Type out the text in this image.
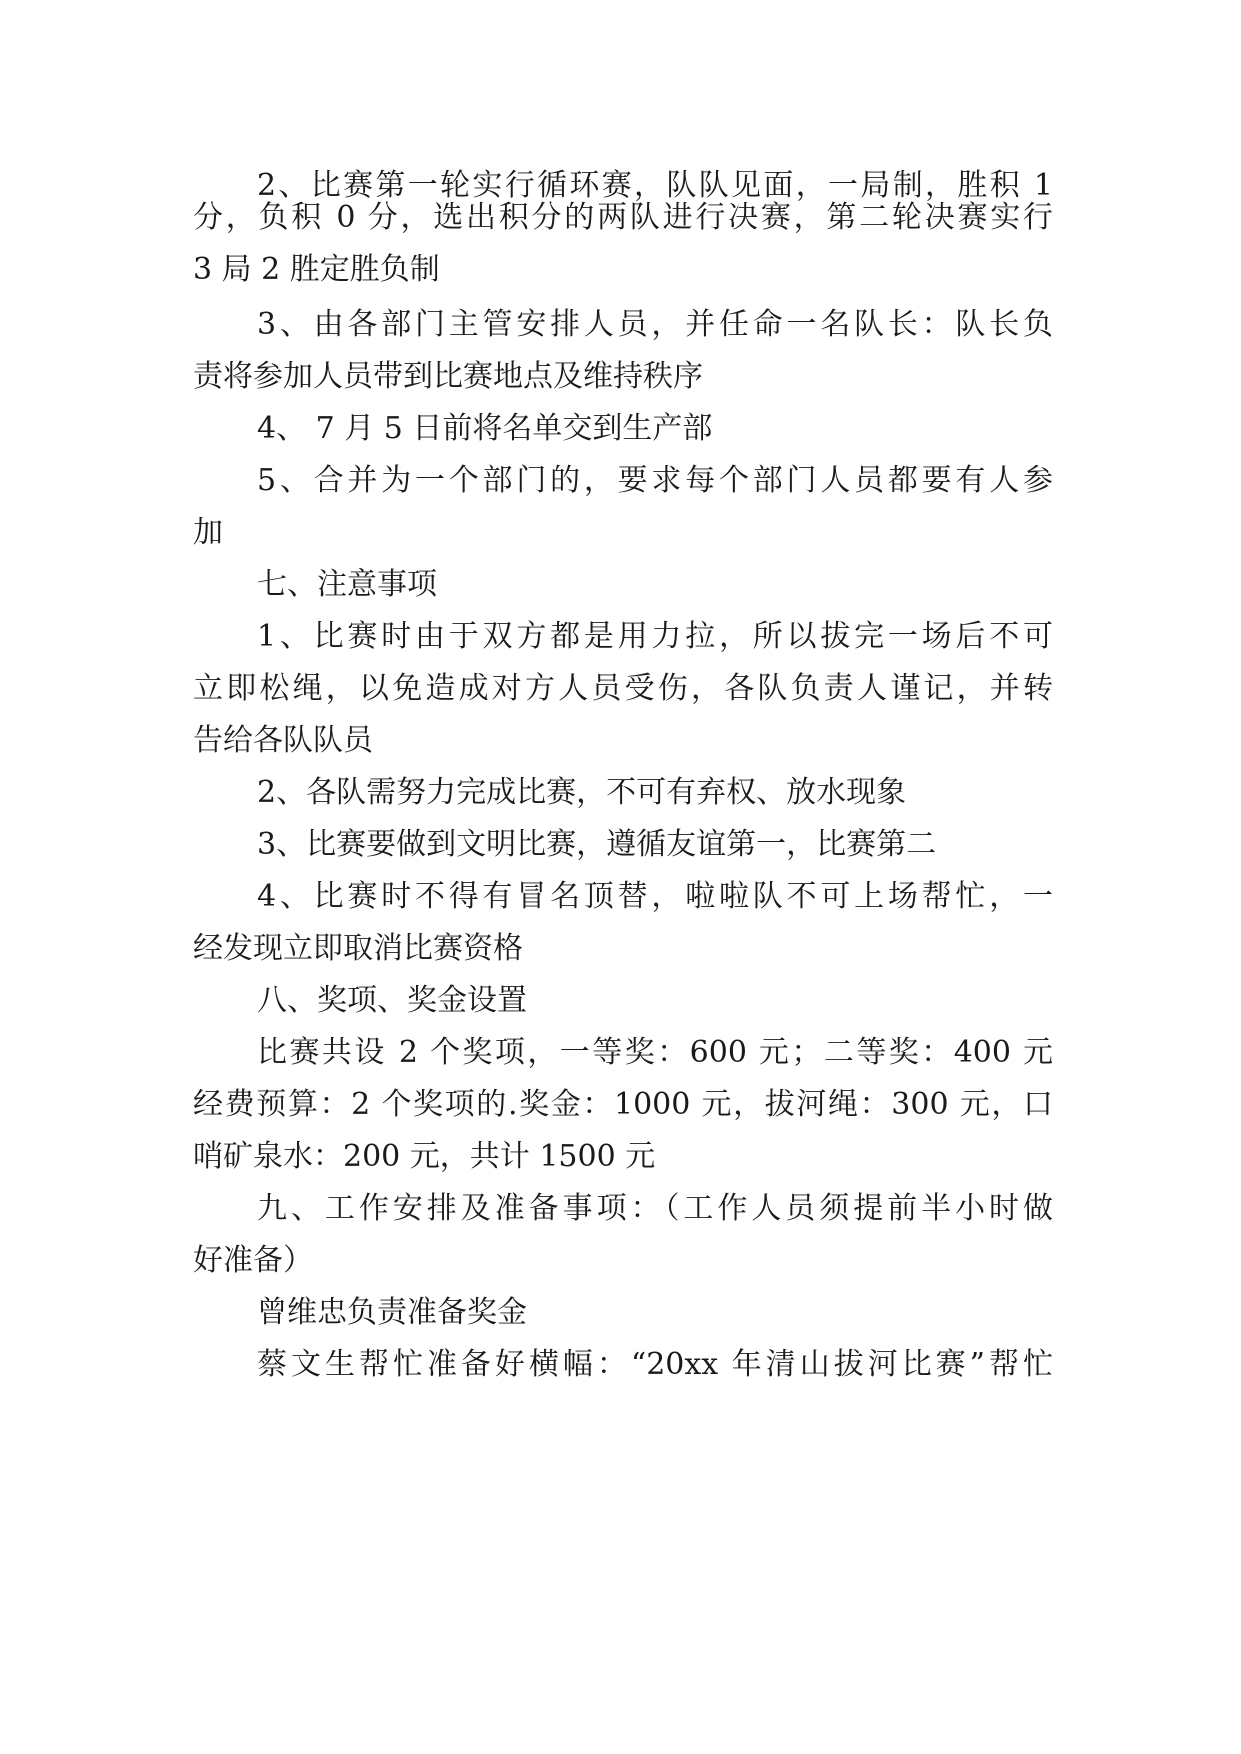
2、比赛第一轮实行循环赛，队队见面，一局制，胜积 1
分，负积 0 分，选出积分的两队进行决赛，第二轮决赛实行
3 局 2 胜定胜负制
3、由各部门主管安排人员，并任命一名队长：队长负
责将参加人员带到比赛地点及维持秩序
4、 7 月 5 日前将名单交到生产部
5、合并为一个部门的，要求每个部门人员都要有人参
加
七、注意事项
1、比赛时由于双方都是用力拉，所以拔完一场后不可
立即松绳，以免造成对方人员受伤，各队负责人谨记，并转
告给各队队员
2、各队需努力完成比赛，不可有弃权、放水现象
3、比赛要做到文明比赛，遵循友谊第一，比赛第二
4、比赛时不得有冒名顶替，啦啦队不可上场帮忙，一
经发现立即取消比赛资格
八、奖项、奖金设置
比赛共设 2 个奖项，一等奖：600 元；二等奖：400 元
经费预算：2 个奖项的.奖金：1000 元，拔河绳：300 元，口
哨矿泉水：200 元，共计 1500 元
九、工作安排及准备事项：（工作人员须提前半小时做
好准备）
曾维忠负责准备奖金
蔡文生帮忙准备好横幅：“20xx 年清山拔河比赛”帮忙
